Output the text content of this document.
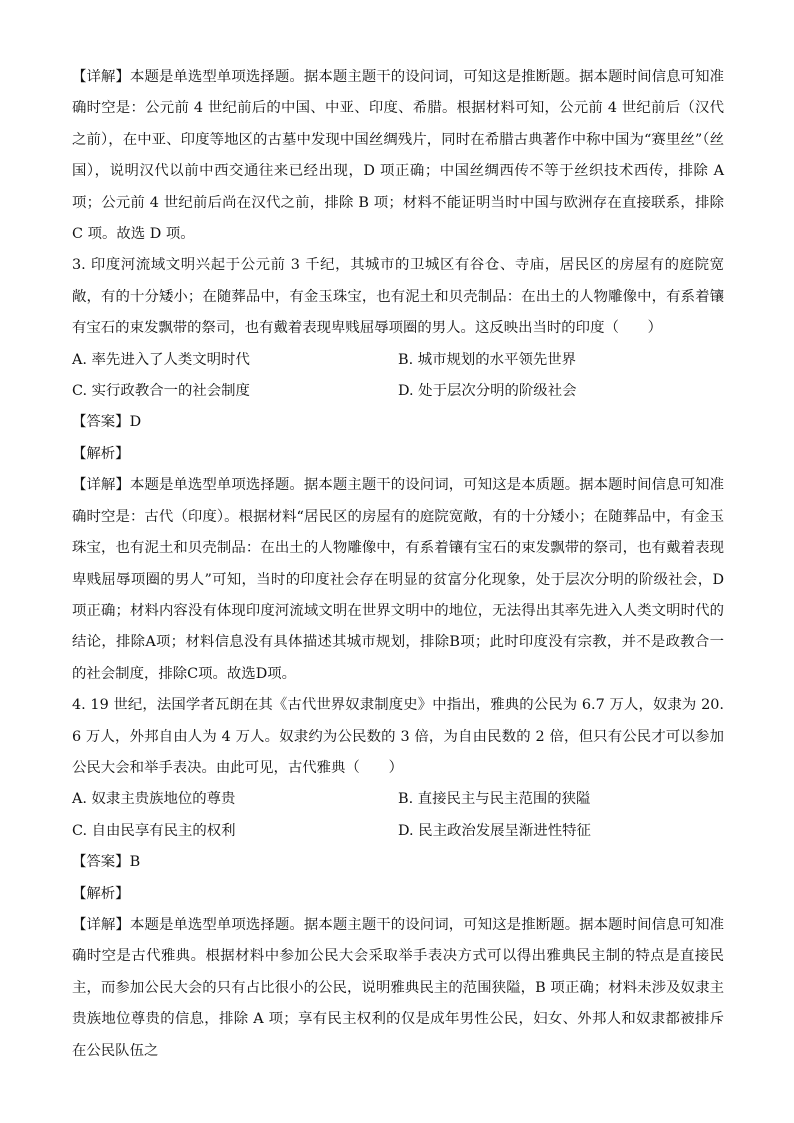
【详解】本题是单选型单项选择题。据本题主题干的设问词，可知这是推断题。据本题时间信息可知准确时空是：公元前 4 世纪前后的中国、中亚、印度、希腊。根据材料可知，公元前 4 世纪前后（汉代之前），在中亚、印度等地区的古墓中发现中国丝绸残片，同时在希腊古典著作中称中国为“赛里丝”（丝国），说明汉代以前中西交通往来已经出现，D 项正确；中国丝绸西传不等于丝织技术西传，排除 A 项；公元前 4 世纪前后尚在汉代之前，排除 B 项；材料不能证明当时中国与欧洲存在直接联系，排除 C 项。故选 D 项。

3. 印度河流域文明兴起于公元前 3 千纪，其城市的卫城区有谷仓、寺庙，居民区的房屋有的庭院宽敞，有的十分矮小；在随葬品中，有金玉珠宝，也有泥土和贝壳制品：在出土的人物雕像中，有系着镶有宝石的束发飘带的祭司，也有戴着表现卑贱屈辱项圈的男人。这反映出当时的印度（　　）

A. 率先进入了人类文明时代	B. 城市规划的水平领先世界
C. 实行政教合一的社会制度	D. 处于层次分明的阶级社会

【答案】D

【解析】

【详解】本题是单选型单项选择题。据本题主题干的设问词，可知这是本质题。据本题时间信息可知准确时空是：古代（印度）。根据材料“居民区的房屋有的庭院宽敞，有的十分矮小；在随葬品中，有金玉珠宝，也有泥土和贝壳制品：在出土的人物雕像中，有系着镶有宝石的束发飘带的祭司，也有戴着表现卑贱屈辱项圈的男人”可知，当时的印度社会存在明显的贫富分化现象，处于层次分明的阶级社会，D 项正确；材料内容没有体现印度河流域文明在世界文明中的地位，无法得出其率先进入人类文明时代的结论，排除A项；材料信息没有具体描述其城市规划，排除B项；此时印度没有宗教，并不是政教合一的社会制度，排除C项。故选D项。

4. 19 世纪，法国学者瓦朗在其《古代世界奴隶制度史》中指出，雅典的公民为 6.7 万人，奴隶为 20.6 万人，外邦自由人为 4 万人。奴隶约为公民数的 3 倍，为自由民数的 2 倍，但只有公民才可以参加公民大会和举手表决。由此可见，古代雅典（　　）

A. 奴隶主贵族地位的尊贵	B. 直接民主与民主范围的狭隘
C. 自由民享有民主的权利	D. 民主政治发展呈渐进性特征

【答案】B

【解析】

【详解】本题是单选型单项选择题。据本题主题干的设问词，可知这是推断题。据本题时间信息可知准确时空是古代雅典。根据材料中参加公民大会采取举手表决方式可以得出雅典民主制的特点是直接民主，而参加公民大会的只有占比很小的公民，说明雅典民主的范围狭隘，B 项正确；材料未涉及奴隶主贵族地位尊贵的信息，排除 A 项；享有民主权利的仅是成年男性公民，妇女、外邦人和奴隶都被排斥在公民队伍之
